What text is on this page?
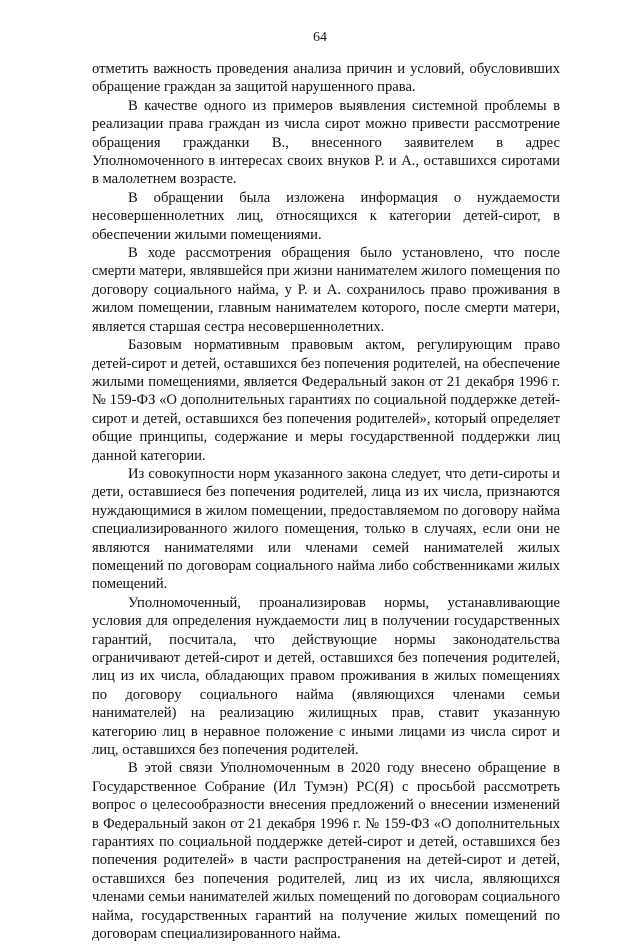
64

отметить важность проведения анализа причин и условий, обусловивших обращение граждан за защитой нарушенного права.

В качестве одного из примеров выявления системной проблемы в реализации права граждан из числа сирот можно привести рассмотрение обращения гражданки В., внесенного заявителем в адрес Уполномоченного в интересах своих внуков Р. и А., оставшихся сиротами в малолетнем возрасте.

В обращении была изложена информация о нуждаемости несовершеннолетних лиц, относящихся к категории детей-сирот, в обеспечении жилыми помещениями.

В ходе рассмотрения обращения было установлено, что после смерти матери, являвшейся при жизни нанимателем жилого помещения по договору социального найма, у Р. и А. сохранилось право проживания в жилом помещении, главным нанимателем которого, после смерти матери, является старшая сестра несовершеннолетних.

Базовым нормативным правовым актом, регулирующим право детей-сирот и детей, оставшихся без попечения родителей, на обеспечение жилыми помещениями, является Федеральный закон от 21 декабря 1996 г. № 159-ФЗ «О дополнительных гарантиях по социальной поддержке детей-сирот и детей, оставшихся без попечения родителей», который определяет общие принципы, содержание и меры государственной поддержки лиц данной категории.

Из совокупности норм указанного закона следует, что дети-сироты и дети, оставшиеся без попечения родителей, лица из их числа, признаются нуждающимися в жилом помещении, предоставляемом по договору найма специализированного жилого помещения, только в случаях, если они не являются нанимателями или членами семей нанимателей жилых помещений по договорам социального найма либо собственниками жилых помещений.

Уполномоченный, проанализировав нормы, устанавливающие условия для определения нуждаемости лиц в получении государственных гарантий, посчитала, что действующие нормы законодательства ограничивают детей-сирот и детей, оставшихся без попечения родителей, лиц из их числа, обладающих правом проживания в жилых помещениях по договору социального найма (являющихся членами семьи нанимателей) на реализацию жилищных прав, ставит указанную категорию лиц в неравное положение с иными лицами из числа сирот и лиц, оставшихся без попечения родителей.

В этой связи Уполномоченным в 2020 году внесено обращение в Государственное Собрание (Ил Тумэн) РС(Я) с просьбой рассмотреть вопрос о целесообразности внесения предложений о внесении изменений в Федеральный закон от 21 декабря 1996 г. № 159-ФЗ «О дополнительных гарантиях по социальной поддержке детей-сирот и детей, оставшихся без попечения родителей» в части распространения на детей-сирот и детей, оставшихся без попечения родителей, лиц из их числа, являющихся членами семьи нанимателей жилых помещений по договорам социального найма, государственных гарантий на получение жилых помещений по договорам специализированного найма.
